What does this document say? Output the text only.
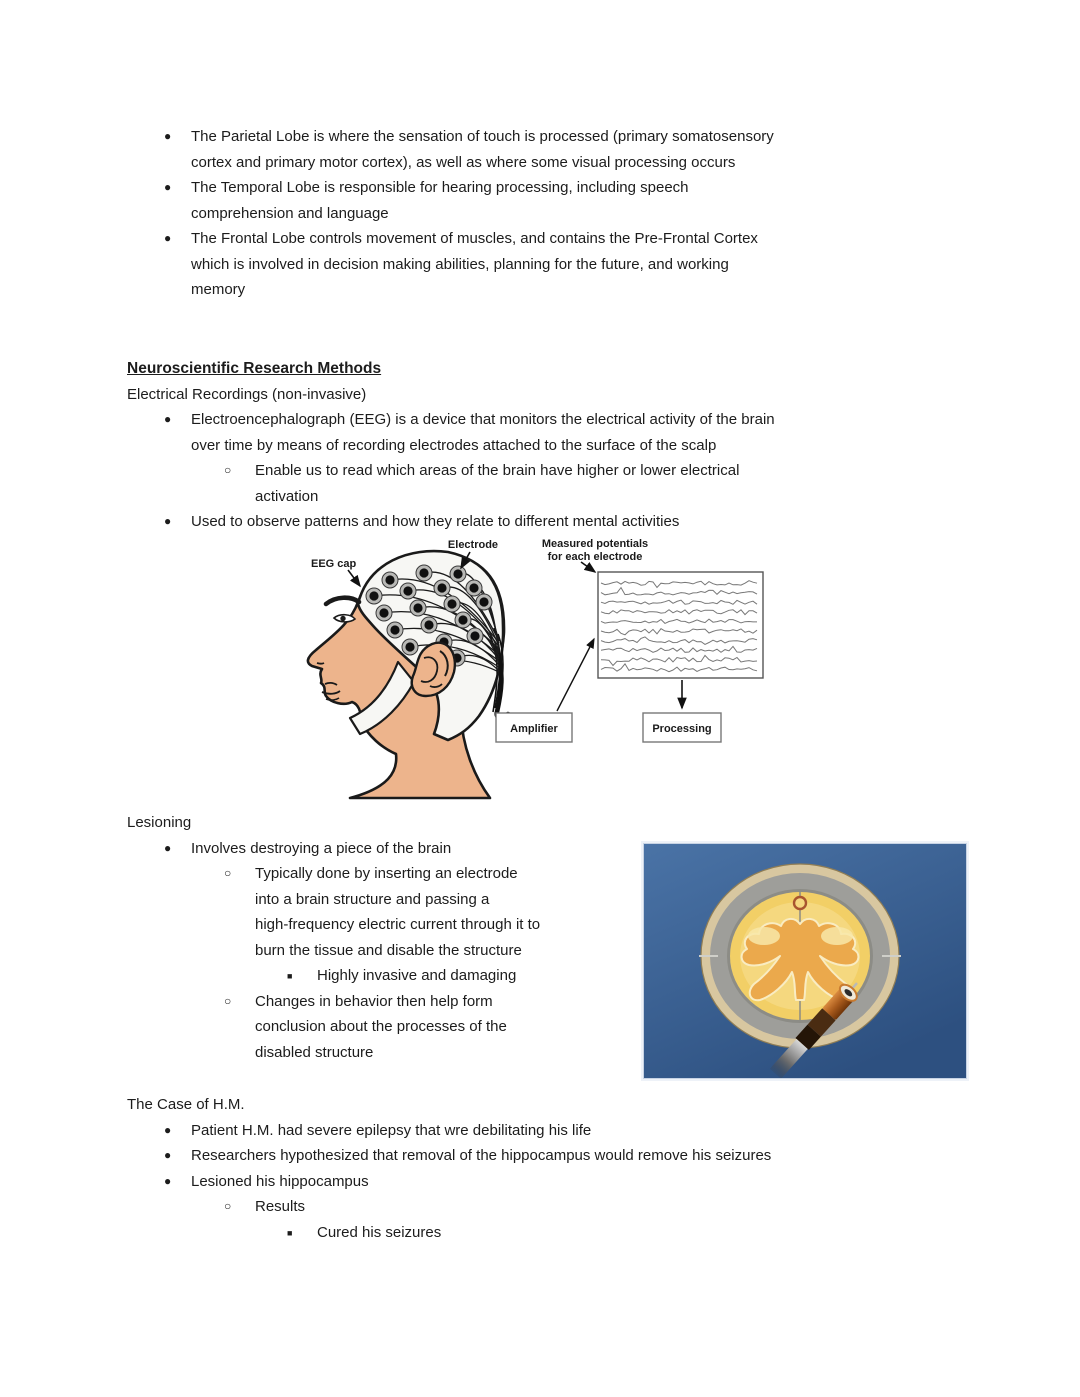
● The Parietal Lobe is where the sensation of touch is processed (primary somatosensory
cortex and primary motor cortex), as well as where some visual processing occurs
● The Temporal Lobe is responsible for hearing processing, including speech
comprehension and language
● The Frontal Lobe controls movement of muscles, and contains the Pre-Frontal Cortex
which is involved in decision making abilities, planning for the future, and working
memory

Neuroscientific Research Methods

Electrical Recordings (non-invasive)

● Electroencephalograph (EEG) is a device that monitors the electrical activity of the brain
over time by means of recording electrodes attached to the surface of the scalp
○ Enable us to read which areas of the brain have higher or lower electrical
activation
● Used to observe patterns and how they relate to different mental activities
Amplifier	Processing
EEG cap
Electrode	Measured potentials
for each electrode

Lesioning

● Involves destroying a piece of the brain
○ Typically done by inserting an electrode
into a brain structure and passing a
high-frequency electric current through it to
burn the tissue and disable the structure
■ Highly invasive and damaging
○ Changes in behavior then help form
conclusion about the processes of the
disabled structure

The Case of H.M.

● Patient H.M. had severe epilepsy that wre debilitating his life
● Researchers hypothesized that removal of the hippocampus would remove his seizures
● Lesioned his hippocampus
○ Results
■ Cured his seizures
